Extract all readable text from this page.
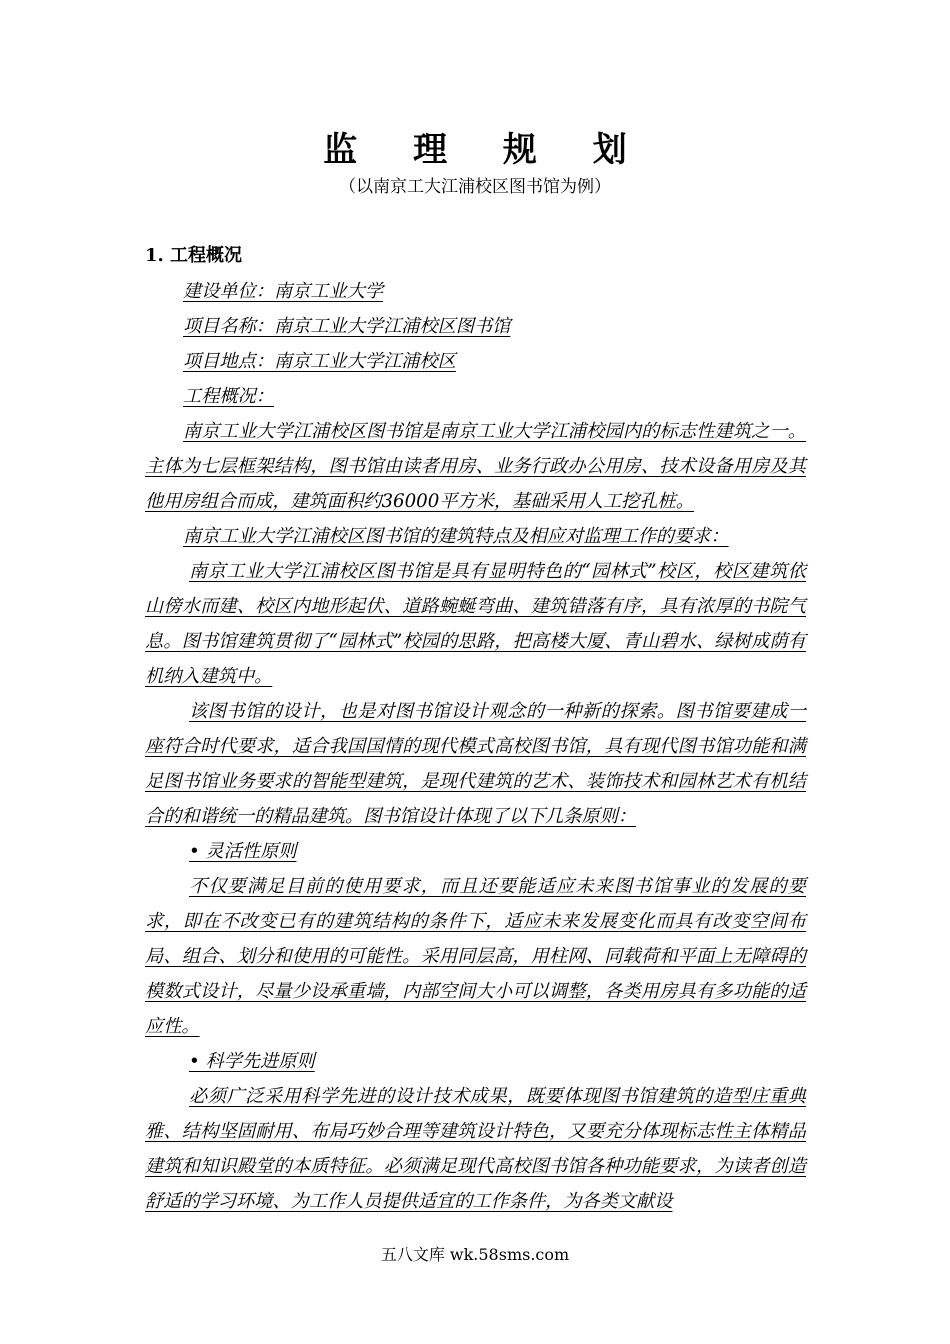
监 理 规 划
（以南京工大江浦校区图书馆为例）
1. 工程概况

建设单位：南京工业大学

项目名称：南京工业大学江浦校区图书馆

项目地点：南京工业大学江浦校区

工程概况：

南京工业大学江浦校区图书馆是南京工业大学江浦校园内的标志性建筑之一。主体为七层框架结构，图书馆由读者用房、业务行政办公用房、技术设备用房及其他用房组合而成，建筑面积约36000平方米，基础采用人工挖孔桩。

南京工业大学江浦校区图书馆的建筑特点及相应对监理工作的要求：

南京工业大学江浦校区图书馆是具有显明特色的“园林式”校区，校区建筑依山傍水而建、校区内地形起伏、道路蜿蜒弯曲、建筑错落有序，具有浓厚的书院气息。图书馆建筑贯彻了“园林式”校园的思路，把高楼大厦、青山碧水、绿树成荫有机纳入建筑中。

该图书馆的设计，也是对图书馆设计观念的一种新的探索。图书馆要建成一座符合时代要求，适合我国国情的现代模式高校图书馆，具有现代图书馆功能和满足图书馆业务要求的智能型建筑，是现代建筑的艺术、装饰技术和园林艺术有机结合的和谐统一的精品建筑。图书馆设计体现了以下几条原则：

• 灵活性原则

不仅要满足目前的使用要求，而且还要能适应未来图书馆事业的发展的要求，即在不改变已有的建筑结构的条件下，适应未来发展变化而具有改变空间布局、组合、划分和使用的可能性。采用同层高，用柱网、同载荷和平面上无障碍的模数式设计，尽量少设承重墙，内部空间大小可以调整，各类用房具有多功能的适应性。

• 科学先进原则

必须广泛采用科学先进的设计技术成果，既要体现图书馆建筑的造型庄重典雅、结构坚固耐用、布局巧妙合理等建筑设计特色，又要充分体现标志性主体精品建筑和知识殿堂的本质特征。必须满足现代高校图书馆各种功能要求，为读者创造舒适的学习环境、为工作人员提供适宜的工作条件，为各类文献设

五八文库 wk.58sms.com
